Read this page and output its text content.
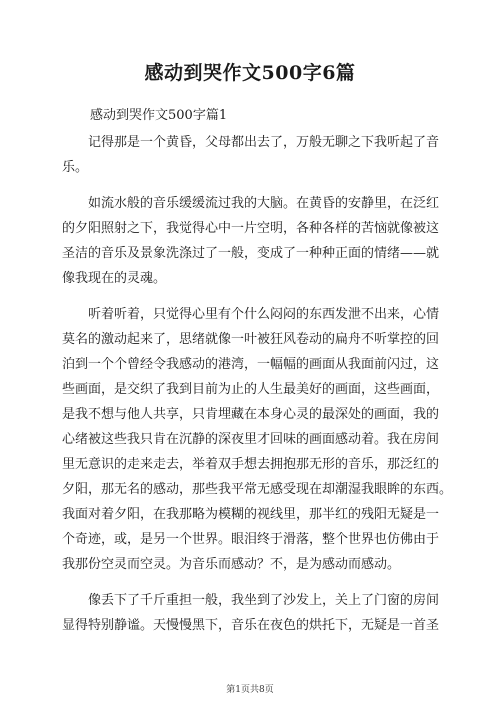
感动到哭作文500字6篇

感动到哭作文500字篇1

记得那是一个黄昏，父母都出去了，万般无聊之下我听起了音
乐。
如流水般的音乐缓缓流过我的大脑。在黄昏的安静里，在泛红
的夕阳照射之下，我觉得心中一片空明，各种各样的苦恼就像被这
圣洁的音乐及景象洗涤过了一般，变成了一种种正面的情绪——就
像我现在的灵魂。
听着听着，只觉得心里有个什么闷闷的东西发泄不出来，心情
莫名的激动起来了，思绪就像一叶被狂风卷动的扁舟不听掌控的回
泊到一个个曾经令我感动的港湾，一幅幅的画面从我面前闪过，这
些画面，是交织了我到目前为止的人生最美好的画面，这些画面，
是我不想与他人共享，只肯埋藏在本身心灵的最深处的画面，我的
心绪被这些我只肯在沉静的深夜里才回味的画面感动着。我在房间
里无意识的走来走去，举着双手想去拥抱那无形的音乐，那泛红的
夕阳，那无名的感动，那些我平常无感受现在却潮湿我眼眸的东西。
我面对着夕阳，在我那略为模糊的视线里，那半红的残阳无疑是一
个奇迹，或，是另一个世界。眼泪终于滑落，整个世界也仿佛由于
我那份空灵而空灵。为音乐而感动？不，是为感动而感动。
像丢下了千斤重担一般，我坐到了沙发上，关上了门窗的房间
显得特别静谧。天慢慢黑下，音乐在夜色的烘托下，无疑是一首圣
第1页共8页
